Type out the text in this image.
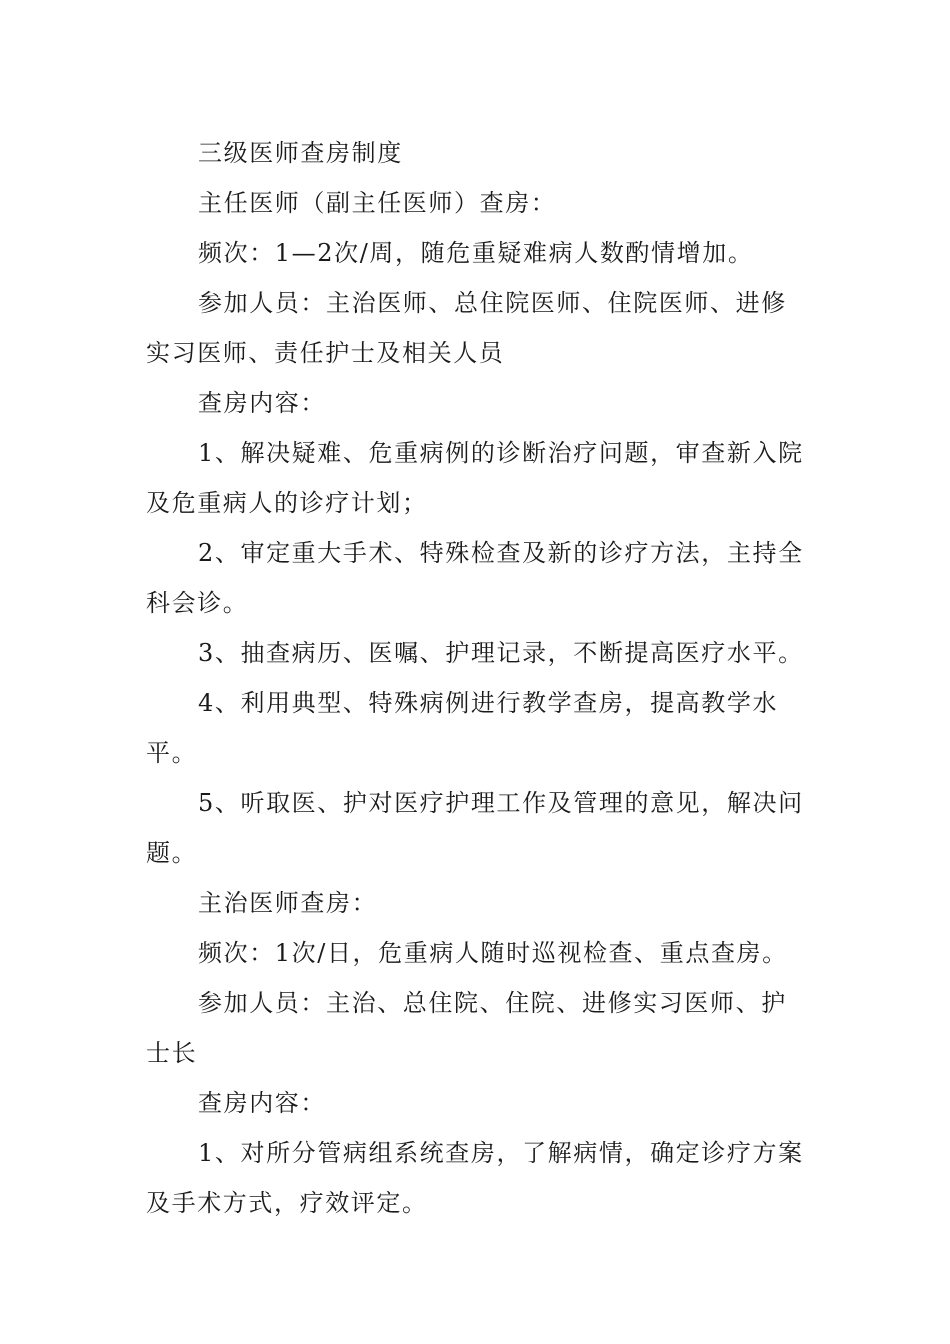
三级医师查房制度

主任医师（副主任医师）查房：

频次：1—2次/周，随危重疑难病人数酌情增加。

参加人员：主治医师、总住院医师、住院医师、进修实习医师、责任护士及相关人员

查房内容：

1、解决疑难、危重病例的诊断治疗问题，审查新入院及危重病人的诊疗计划；

2、审定重大手术、特殊检查及新的诊疗方法，主持全科会诊。

3、抽查病历、医嘱、护理记录，不断提高医疗水平。

4、利用典型、特殊病例进行教学查房，提高教学水平。

5、听取医、护对医疗护理工作及管理的意见，解决问题。

主治医师查房：

频次：1次/日，危重病人随时巡视检查、重点查房。

参加人员：主治、总住院、住院、进修实习医师、护士长

查房内容：

1、对所分管病组系统查房，了解病情，确定诊疗方案及手术方式，疗效评定。
